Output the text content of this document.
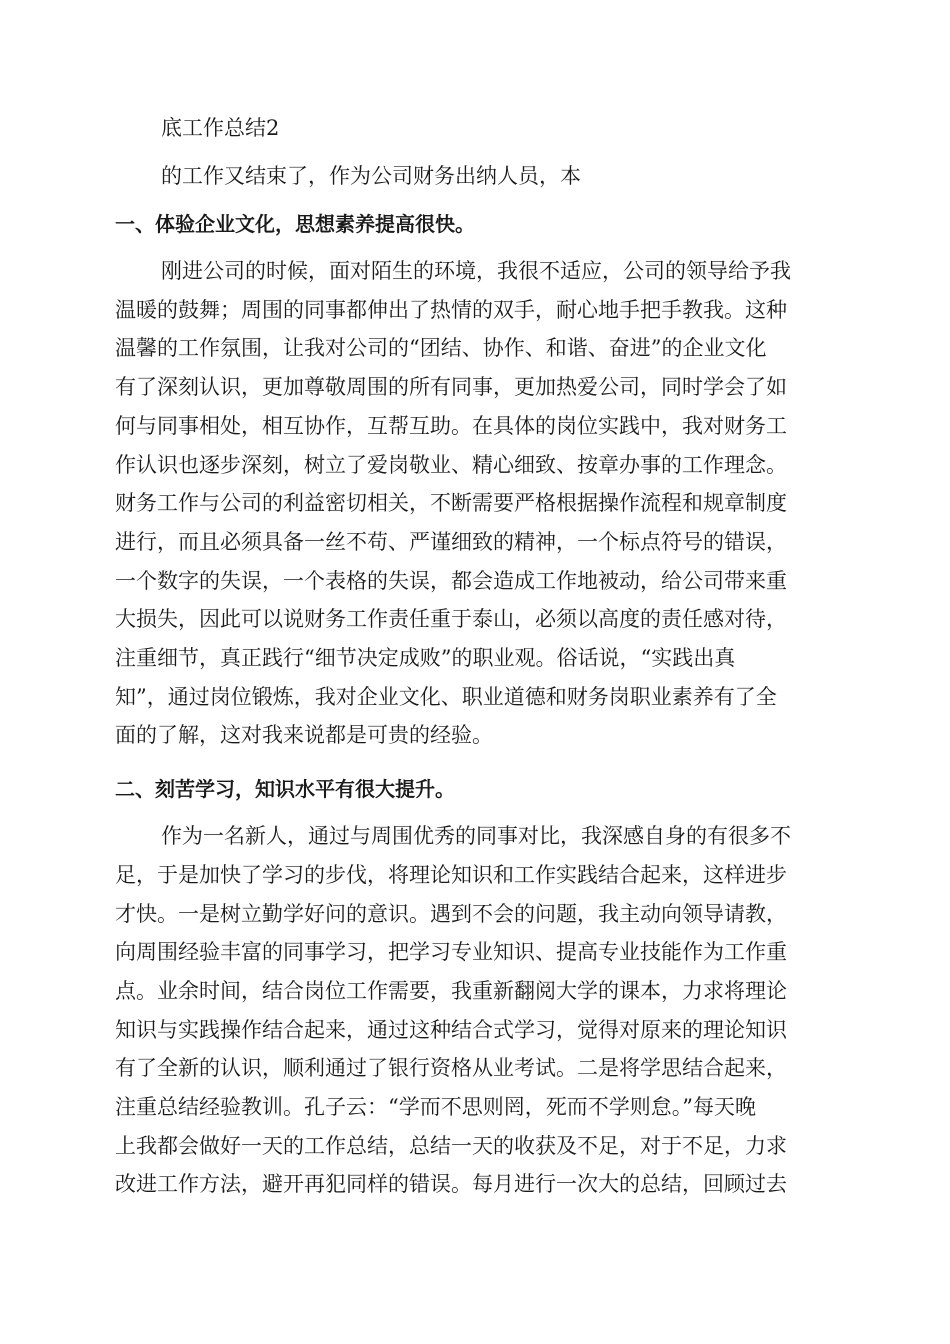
底工作总结2

的工作又结束了，作为公司财务出纳人员，本

一、体验企业文化，思想素养提高很快。

刚进公司的时候，面对陌生的环境，我很不适应，公司的领导给予我

温暖的鼓舞；周围的同事都伸出了热情的双手，耐心地手把手教我。这种

温馨的工作氛围，让我对公司的“团结、协作、和谐、奋进”的企业文化

有了深刻认识，更加尊敬周围的所有同事，更加热爱公司，同时学会了如

何与同事相处，相互协作，互帮互助。在具体的岗位实践中，我对财务工

作认识也逐步深刻，树立了爱岗敬业、精心细致、按章办事的工作理念。

财务工作与公司的利益密切相关，不断需要严格根据操作流程和规章制度

进行，而且必须具备一丝不苟、严谨细致的精神，一个标点符号的错误，

一个数字的失误，一个表格的失误，都会造成工作地被动，给公司带来重

大损失，因此可以说财务工作责任重于泰山，必须以高度的责任感对待，

注重细节，真正践行“细节决定成败”的职业观。俗话说，“实践出真

知”，通过岗位锻炼，我对企业文化、职业道德和财务岗职业素养有了全

面的了解，这对我来说都是可贵的经验。

二、刻苦学习，知识水平有很大提升。

作为一名新人，通过与周围优秀的同事对比，我深感自身的有很多不

足，于是加快了学习的步伐，将理论知识和工作实践结合起来，这样进步

才快。一是树立勤学好问的意识。遇到不会的问题，我主动向领导请教，

向周围经验丰富的同事学习，把学习专业知识、提高专业技能作为工作重

点。业余时间，结合岗位工作需要，我重新翻阅大学的课本，力求将理论

知识与实践操作结合起来，通过这种结合式学习，觉得对原来的理论知识

有了全新的认识，顺利通过了银行资格从业考试。二是将学思结合起来，

注重总结经验教训。孔子云：“学而不思则罔，死而不学则怠。”每天晚

上我都会做好一天的工作总结，总结一天的收获及不足，对于不足，力求

改进工作方法，避开再犯同样的错误。每月进行一次大的总结，回顾过去
